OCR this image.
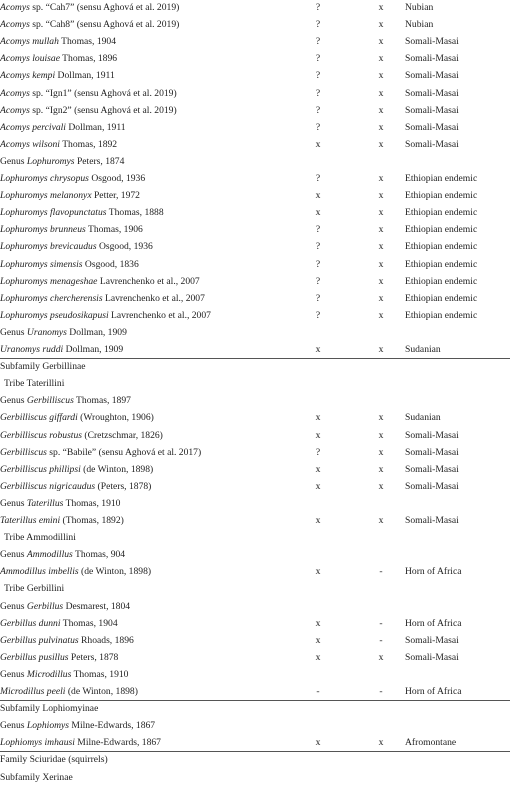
Acomys sp. “Cah7” (sensu Aghová et al. 2019)	?	x Nubian
Acomys sp. “Cah8” (sensu Aghová et al. 2019)	?	x Nubian
Acomys mullah Thomas, 1904	?	x Somali-Masai
Acomys louisae Thomas, 1896	?	x Somali-Masai
Acomys kempi Dollman, 1911	?	x Somali-Masai
Acomys sp. “Ign1” (sensu Aghová et al. 2019)	?	x Somali-Masai
Acomys sp. “Ign2” (sensu Aghová et al. 2019)	?	x Somali-Masai
Acomys percivali Dollman, 1911	?	x Somali-Masai
Acomys wilsoni Thomas, 1892	x	x Somali-Masai
Genus Lophuromys Peters, 1874
Lophuromys chrysopus Osgood, 1936	?	x Ethiopian endemic
Lophuromys melanonyx Petter, 1972	x	x Ethiopian endemic
Lophuromys flavopunctatus Thomas, 1888	x	x Ethiopian endemic
Lophuromys brunneus Thomas, 1906	?	x Ethiopian endemic
Lophuromys brevicaudus Osgood, 1936	?	x Ethiopian endemic
Lophuromys simensis Osgood, 1836	?	x Ethiopian endemic
Lophuromys menageshae Lavrenchenko et al., 2007	?	x Ethiopian endemic
Lophuromys chercherensis Lavrenchenko et al., 2007	?	x Ethiopian endemic
Lophuromys pseudosikapusi Lavrenchenko et al., 2007	?	x Ethiopian endemic
Genus Uranomys Dollman, 1909
Uranomys ruddi Dollman, 1909	x	x Sudanian
Subfamily Gerbillinae
Tribe Taterillini
Genus Gerbilliscus Thomas, 1897
Gerbilliscus giffardi (Wroughton, 1906)	x	x Sudanian
Gerbilliscus robustus (Cretzschmar, 1826)	x	x Somali-Masai
Gerbilliscus sp. “Babile” (sensu Aghová et al. 2017)	?	x Somali-Masai
Gerbilliscus phillipsi (de Winton, 1898)	x	x Somali-Masai
Gerbilliscus nigricaudus (Peters, 1878)	x	x Somali-Masai
Genus Taterillus Thomas, 1910
Taterillus emini (Thomas, 1892)	x	x Somali-Masai
Tribe Ammodillini
Genus Ammodillus Thomas, 904
Ammodillus imbellis (de Winton, 1898)	x	-	Horn of Africa
Tribe Gerbillini
Genus Gerbillus Desmarest, 1804
Gerbillus dunni Thomas, 1904	x	-	Horn of Africa
Gerbillus pulvinatus Rhoads, 1896	x	-	Somali-Masai
Gerbillus pusillus Peters, 1878	x	x Somali-Masai
Genus Microdillus Thomas, 1910
Microdillus peeli (de Winton, 1898)	-	-	Horn of Africa
Subfamily Lophiomyinae
Genus Lophiomys Milne-Edwards, 1867
Lophiomys imhausi Milne-Edwards, 1867	x	x Afromontane
Family Sciuridae (squirrels)
Subfamily Xerinae
